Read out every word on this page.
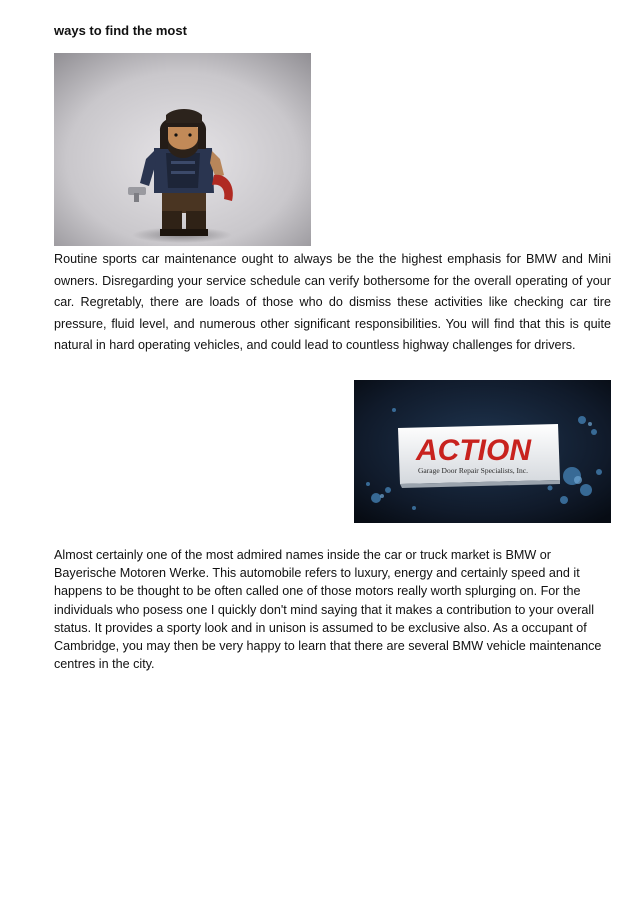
ways to find the most

Routine sports car maintenance ought to always be the the highest emphasis for BMW and Mini owners. Disregarding your service schedule can verify bothersome for the overall operating of your car. Regretably, there are loads of those who do dismiss these activities like checking car tire pressure, fluid level, and numerous other significant responsibilities. You will find that this is quite natural in hard operating vehicles, and could lead to countless highway challenges for drivers.

ACTION
Garage Door Repair Specialists, Inc.

Almost certainly one of the most admired names inside the car or truck market is BMW or Bayerische Motoren Werke. This automobile refers to luxury, energy and certainly speed and it happens to be thought to be often called one of those motors really worth splurging on. For the individuals who posess one I quickly don't mind saying that it makes a contribution to your overall status. It provides a sporty look and in unison is assumed to be exclusive also. As a occupant of Cambridge, you may then be very happy to learn that there are several BMW vehicle maintenance centres in the city.
